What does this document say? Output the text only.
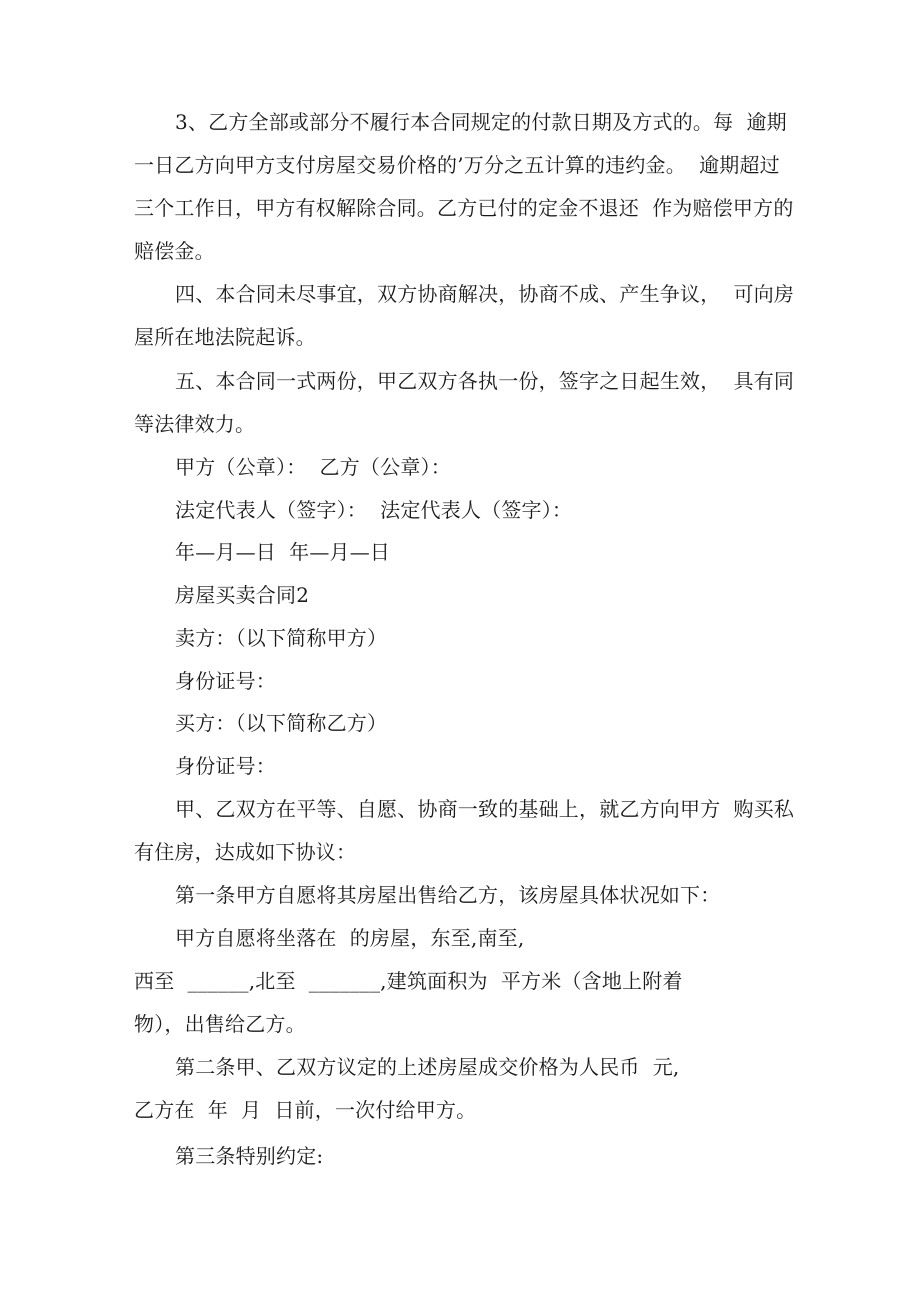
3、乙方全部或部分不履行本合同规定的付款日期及方式的。每  逾期
一日乙方向甲方支付房屋交易价格的’万分之五计算的违约金。  逾期超过
三个工作日，甲方有权解除合同。乙方已付的定金不退还  作为赔偿甲方的
赔偿金。
四、本合同未尽事宜，双方协商解决，协商不成、产生争议，  可向房
屋所在地法院起诉。
五、本合同一式两份，甲乙双方各执一份，签字之日起生效，  具有同
等法律效力。
甲方（公章）：  乙方（公章）：
法定代表人（签字）：  法定代表人（签字）：
年—月—日  年—月—日
房屋买卖合同2
卖方：（以下简称甲方）
身份证号：
买方：（以下简称乙方）
身份证号：
甲、乙双方在平等、自愿、协商一致的基础上，就乙方向甲方  购买私
有住房，达成如下协议：
第一条甲方自愿将其房屋出售给乙方，该房屋具体状况如下：
甲方自愿将坐落在  的房屋，东至,南至,
西至  ______,北至  _______,建筑面积为  平方米（含地上附着
物），出售给乙方。
第二条甲、乙双方议定的上述房屋成交价格为人民币  元,
乙方在  年  月  日前，一次付给甲方。
第三条特别约定:
